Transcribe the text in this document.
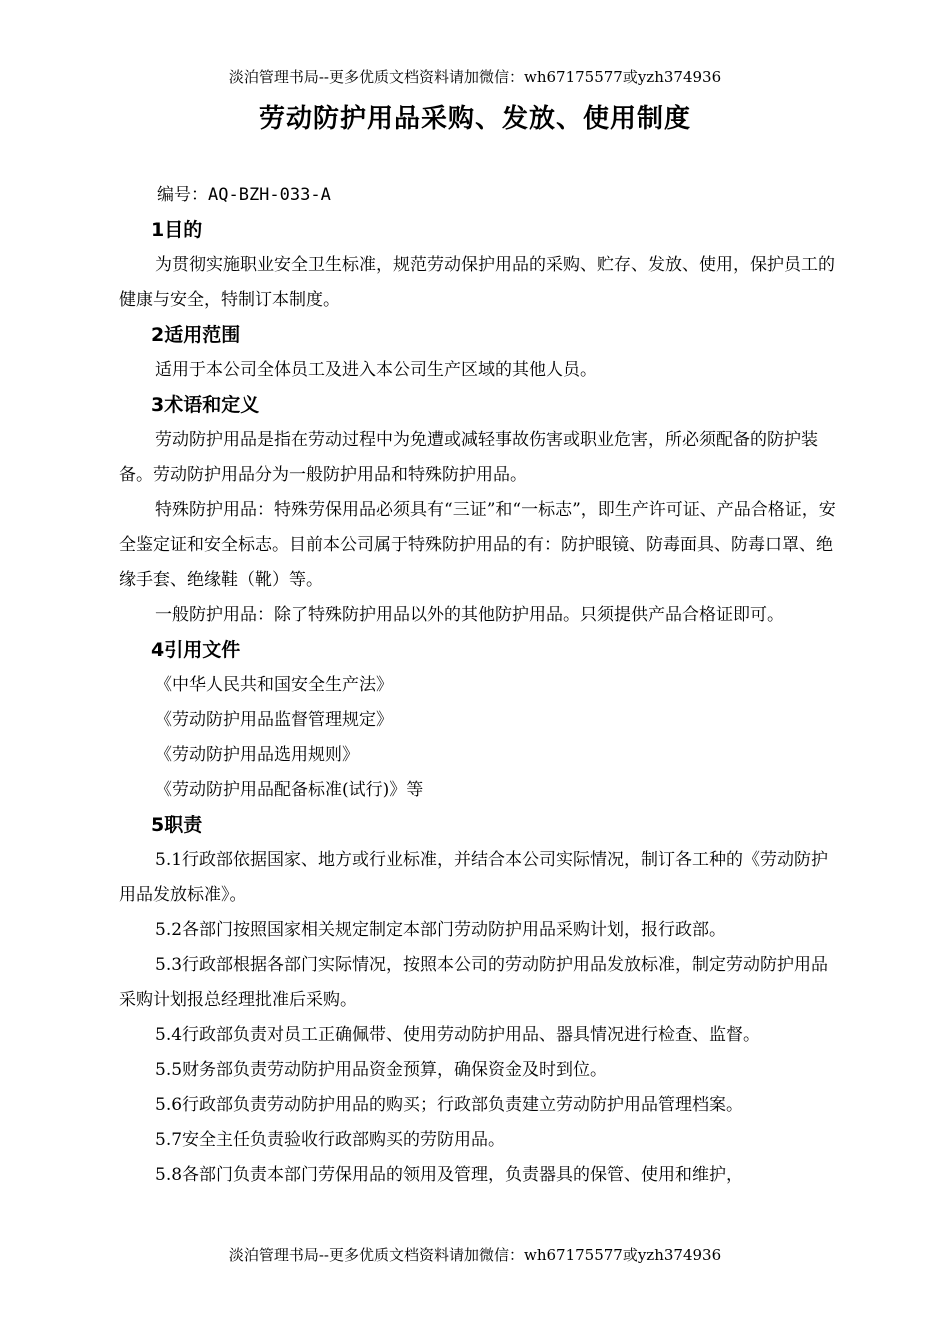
淡泊管理书局--更多优质文档资料请加微信：wh67175577或yzh374936
劳动防护用品采购、发放、使用制度

编号：AQ-BZH-033-A

1目的

为贯彻实施职业安全卫生标准，规范劳动保护用品的采购、贮存、发放、使用，保护员工的健康与安全，特制订本制度。

2适用范围

适用于本公司全体员工及进入本公司生产区域的其他人员。

3术语和定义

劳动防护用品是指在劳动过程中为免遭或减轻事故伤害或职业危害，所必须配备的防护装备。劳动防护用品分为一般防护用品和特殊防护用品。

特殊防护用品：特殊劳保用品必须具有“三证”和“一标志”，即生产许可证、产品合格证，安全鉴定证和安全标志。目前本公司属于特殊防护用品的有：防护眼镜、防毒面具、防毒口罩、绝缘手套、绝缘鞋（靴）等。

一般防护用品：除了特殊防护用品以外的其他防护用品。只须提供产品合格证即可。

4引用文件

《中华人民共和国安全生产法》

《劳动防护用品监督管理规定》

《劳动防护用品选用规则》

《劳动防护用品配备标准(试行)》等

5职责

5.1行政部依据国家、地方或行业标准，并结合本公司实际情况，制订各工种的《劳动防护用品发放标准》。

5.2各部门按照国家相关规定制定本部门劳动防护用品采购计划，报行政部。

5.3行政部根据各部门实际情况，按照本公司的劳动防护用品发放标准，制定劳动防护用品采购计划报总经理批准后采购。

5.4行政部负责对员工正确佩带、使用劳动防护用品、器具情况进行检查、监督。

5.5财务部负责劳动防护用品资金预算，确保资金及时到位。

5.6行政部负责劳动防护用品的购买；行政部负责建立劳动防护用品管理档案。

5.7安全主任负责验收行政部购买的劳防用品。

5.8各部门负责本部门劳保用品的领用及管理，负责器具的保管、使用和维护，

淡泊管理书局--更多优质文档资料请加微信：wh67175577或yzh374936
